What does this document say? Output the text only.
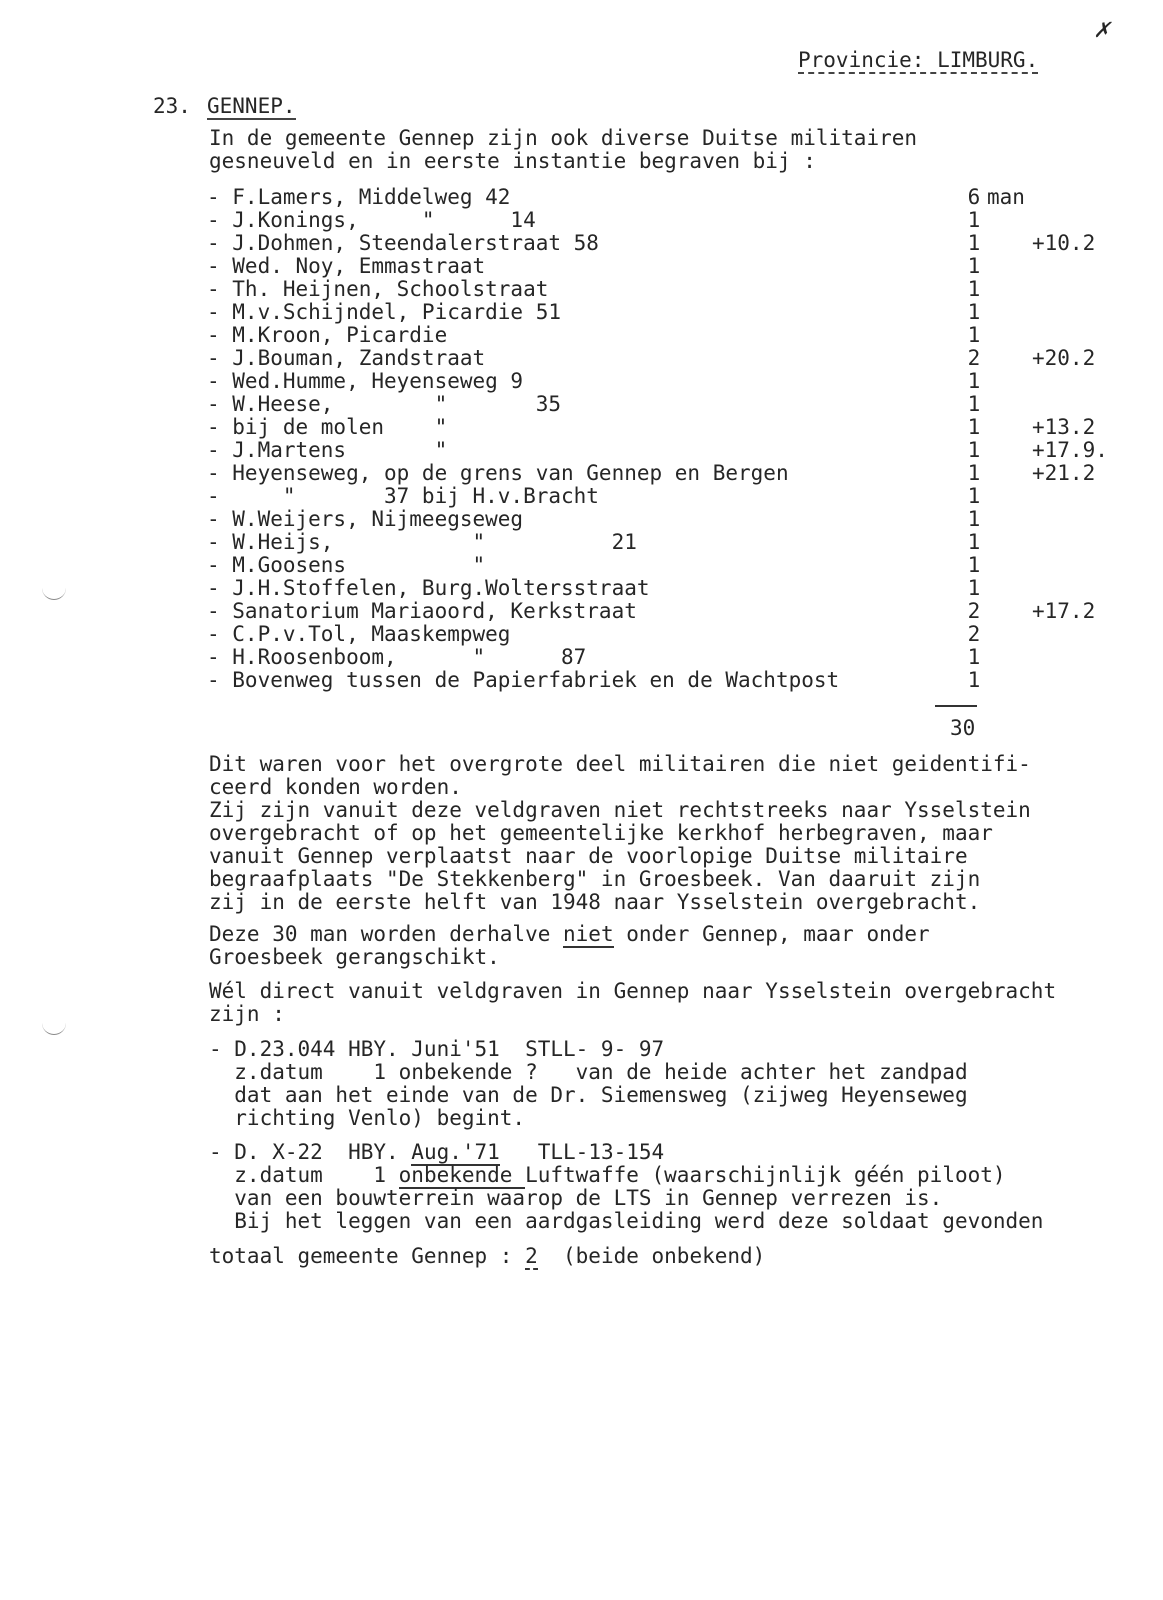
✗
Provincie: LIMBURG.
23. GENNEP.
In de gemeente Gennep zijn ook diverse Duitse militairen
gesneuveld en in eerste instantie begraven bij :
- F.Lamers, Middelweg 42	6 man
- J.Konings,     "      14	1
- J.Dohmen, Steendalerstraat 58	1 +10.2
- Wed. Noy, Emmastraat	1
- Th. Heijnen, Schoolstraat	1
- M.v.Schijndel, Picardie 51	1
- M.Kroon, Picardie	1
- J.Bouman, Zandstraat	2 +20.2
- Wed.Humme, Heyenseweg 9	1
- W.Heese,        "       35	1
- bij de molen    "	1 +13.2
- J.Martens       "	1 +17.9.
- Heyenseweg, op de grens van Gennep en Bergen	1 +21.2
-     "       37 bij H.v.Bracht	1
- W.Weijers, Nijmeegseweg	1
- W.Heijs,           "          21	1
- M.Goosens          "	1
- J.H.Stoffelen, Burg.Woltersstraat	1
- Sanatorium Mariaoord, Kerkstraat	2 +17.2
- C.P.v.Tol, Maaskempweg	2
- H.Roosenboom,      "      87	1
- Bovenweg tussen de Papierfabriek en de Wachtpost	1
30
Dit waren voor het overgrote deel militairen die niet geidentifi-
ceerd konden worden.
Zij zijn vanuit deze veldgraven niet rechtstreeks naar Ysselstein
overgebracht of op het gemeentelijke kerkhof herbegraven, maar
vanuit Gennep verplaatst naar de voorlopige Duitse militaire
begraafplaats "De Stekkenberg" in Groesbeek. Van daaruit zijn
zij in de eerste helft van 1948 naar Ysselstein overgebracht.
Deze 30 man worden derhalve niet onder Gennep, maar onder
Groesbeek gerangschikt.
Wél direct vanuit veldgraven in Gennep naar Ysselstein overgebracht
zijn :
- D.23.044 HBY. Juni'51  STLL- 9- 97
z.datum    1 onbekende ?   van de heide achter het zandpad
dat aan het einde van de Dr. Siemensweg (zijweg Heyenseweg
richting Venlo) begint.
- D. X-22  HBY. Aug.'71   TLL-13-154
z.datum    1 onbekende Luftwaffe (waarschijnlijk géén piloot)
van een bouwterrein waarop de LTS in Gennep verrezen is.
Bij het leggen van een aardgasleiding werd deze soldaat gevonden
totaal gemeente Gennep : 2  (beide onbekend)
